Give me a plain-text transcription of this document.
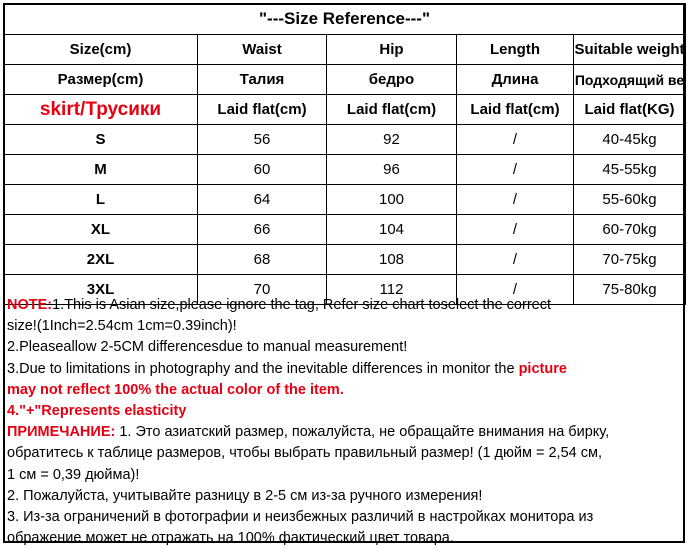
"---Size Reference---"				
Size(cm)	Waist	Hip	Length	Suitable weight
Размер(cm)	Талия	бедро	Длина	Подходящий ве
skirt/Трусики	Laid flat(cm)	Laid flat(cm)	Laid flat(cm)	Laid flat(KG)
S	56	92	/	40-45kg
M	60	96	/	45-55kg
L	64	100	/	55-60kg
XL	66	104	/	60-70kg
2XL	68	108	/	70-75kg
3XL	70	112	/	75-80kg
NOTE:1.This is Asian size,please ignore the tag, Refer size chart toselect the correct
size!(1Inch=2.54cm 1cm=0.39inch)!
2.Pleaseallow 2-5CM differencesdue to manual measurement!
3.Due to limitations in photography and the inevitable differences in monitor the picture
may not reflect 100% the actual color of the item.
4."+"Represents elasticity
ПРИМЕЧАНИЕ: 1. Это азиатский размер, пожалуйста, не обращайте внимания на бирку,
обратитесь к таблице размеров, чтобы выбрать правильный размер! (1 дюйм = 2,54 см,
1 см = 0,39 дюйма)!
2. Пожалуйста, учитывайте разницу в 2-5 см из-за ручного измерения!
3. Из-за ограничений в фотографии и неизбежных различий в настройках монитора из
ображение может не отражать на 100% фактический цвет товара.
